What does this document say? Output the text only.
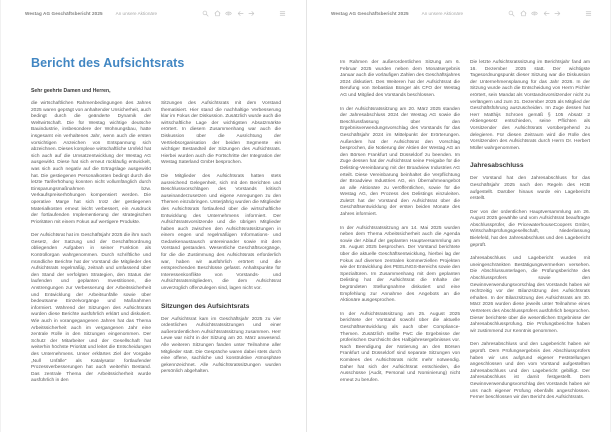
Westag AG Geschäftsbericht 2025	An unsere Aktionäre
Bericht des Aufsichtsrats
Sehr geehrte Damen und Herren,

die wirtschaftlichen Rahmenbedingungen des Jahres 2025 waren geprägt von anhaltender Unsicherheit, auch bedingt durch die geänderte Dynamik der Weltwirtschaft. Die für Westag wichtige deutsche Bauindustrie, insbesondere der Wohnungsbau, hatte insgesamt ein verhaltenes Jahr, wenn auch die ersten vorsichtigen Anzeichen von Entspannung sich abzeichnen. Dieses komplexe wirtschaftliche Umfeld hat sich auch auf die Umsatzentwicklung der Westag AG ausgewirkt. Diese hat sich erneut rückläufig entwickelt, was sich auch negativ auf die Ertragslage ausgewirkt hat. Die gestiegenen Personalkosten bedingt durch die letzte Tariferhöhung konnten nicht vollumfänglich durch Einsparungsmaßnahmen bzw. Verkaufspreiserhöhungen kompensiert werden. Die operative Marge hat sich trotz der gestiegenen Materialkosten erneut leicht verbessert, ein Ausdruck der fortlaufenden Implementierung der strategischen Prioritäten mit einem Fokus auf wertigere Produkte.

Der Aufsichtsrat hat im Geschäftsjahr 2025 die ihm nach Gesetz, der Satzung und der Geschäftsordnung obliegenden Aufgaben in seiner Funktion als Kontrollorgan wahrgenommen. Durch schriftliche und mündliche Berichte hat der Vorstand die Mitglieder des Aufsichtsrats regelmäßig, zeitnah und umfassend über den Stand der verfolgten Strategien, den Status der laufenden und geplanten Investitionen, die Anstrengungen zur Verbesserung der Arbeitssicherheit und Entwicklung der Arbeitsunfälle sowie über bedeutsame Einzelvorgänge und Maßnahmen informiert. Während der Sitzungen des Aufsichtsrats wurden diese Berichte ausführlich erklärt und diskutiert. Wie auch in vorangegangenen Jahren hat das Thema Arbeitssicherheit auch im vergangenen Jahr eine zentrale Rolle in den Sitzungen eingenommen. Der Schutz der Mitarbeiter und der Gesellschaft hat weiterhin höchste Priorität und leitet die Entscheidungen des Unternehmens. Unser erklärtes Ziel der Vorgabe „Null Unfälle“ als Katalysator fortlaufender Prozessverbesserungen hat auch weiterhin Bestand. Das zentrale Thema der Arbeitssicherheit wurde ausführlich in den

Sitzungen des Aufsichtsrats mit dem Vorstand thematisiert. Hier stand die nachhaltige Verbesserung klar im Fokus der Diskussion. Zusätzlich wurde auch die wirtschaftliche Lage der wichtigsten Absatzmärkte erörtert. In diesem Zusammenhang war auch die Diskussion über die Ausrichtung der Vertriebsorganisation der beiden Segmente ein wichtiger Bestandteil der Sitzungen des Aufsichtsrats. Hierbei wurden auch die Fortschritte der Integration der Westag Saterland GmbH besprochen.

Die Mitglieder des Aufsichtsrats hatten stets ausreichend Gelegenheit, sich mit den Berichten und Beschlussvorschlägen des Vorstands kritisch auseinanderzusetzen und eigene Anregungen zu den Themen einzubringen. Unterjährig wurden die Mitglieder des Aufsichtsrats fortlaufend über die wirtschaftliche Entwicklung des Unternehmens informiert. Der Aufsichtsratsvorsitzende und die übrigen Mitglieder haben auch zwischen den Aufsichtsratssitzungen in einem engen und regelmäßigen Informations- und Gedankenaustausch untereinander sowie mit dem Vorstand gestanden. Wesentliche Geschäftsvorgänge, für die die Zustimmung des Aufsichtsrats erforderlich war, haben wir ausführlich erörtert und die entsprechenden Beschlüsse gefasst. Anhaltspunkte für Interessenkonflikte von Vorstands- und Aufsichtsratsmitgliedern, die dem Aufsichtsrat unverzüglich offenzulegen sind, lagen nicht vor.

Sitzungen des Aufsichtsrats

Der Aufsichtsrat kam im Geschäftsjahr 2025 zu vier ordentlichen Aufsichtsratssitzungen und einer außerordentlichen Aufsichtsratssitzung zusammen. Herr Lewe war nicht in der Sitzung am 20. März anwesend. Alle weiteren Sitzungen fanden unter Teilnahme aller Mitglieder statt. Die Gespräche waren dabei stets durch eine offene, sachliche und konstruktive Atmosphäre gekennzeichnet. Alle Aufsichtsratssitzungen wurden persönlich abgehalten.

Westag AG Geschäftsbericht 2025	An unsere Aktionäre

Im Rahmen der außerordentlichen Sitzung am 6. Februar 2025 wurden neben dem Monatsergebnis Januar auch die vorläufigen Zahlen des Geschäftsjahres 2024 diskutiert. Des Weiteren hat der Aufsichtsrat die Berufung von Sebastian Bünger als CFO der Westag AG und Mitglied des Vorstands beschlossen.

In der Aufsichtsratssitzung am 20. März 2025 standen der Jahresabschluss 2024 der Westag AG sowie die Beschlussfassung über den Ergebnisverwendungsvorschlag des Vorstands für das Geschäftsjahr 2024 im Mittelpunkt der Erörterungen. Außerdem hat der Aufsichtsrat den Vorschlag besprochen, die Notierung der Aktien der Westag AG an den Börsen Frankfurt und Düsseldorf zu beenden. Im Zuge dessen hat der Aufsichtsrat seine Freigabe für die Delisting-Vereinbarung mit der Broadview Industries AG erteilt. Diese Vereinbarung beinhaltet die Verpflichtung der Broadview Industries AG, ein Übernahmeangebot an alle Aktionäre zu veröffentlichen, sowie für die Westag AG, den Prozess des Delistings einzuleiten. Zuletzt hat der Vorstand den Aufsichtsrat über die Geschäftsentwicklung der ersten beiden Monate des Jahres informiert.

In der Aufsichtsratssitzung am 14. Mai 2025 wurden neben dem Thema Arbeitssicherheit auch die Agenda sowie der Ablauf der geplanten Hauptversammlung am 26. August 2025 besprochen. Der Vorstand berichtete über die aktuelle Geschäftsentwicklung, hierbei lag der Fokus auf diversen zentralen kommerziellen Projekten wie der Entwicklung des PEELINGS-Bereichs sowie den Spezialtüren. Im Zusammenhang mit dem geplanten Delisting hat der Aufsichtsrat die Inhalte der begründeten Stellungnahme diskutiert und eine Empfehlung zur Annahme des Angebots an die Aktionäre ausgesprochen.

In der Aufsichtsratssitzung am 25. August 2025 berichtete der Vorstand sowohl über die aktuelle Geschäftsentwicklung als auch über Compliance-Themen. Zusätzlich stellte PwC die Ergebnisse der prüferischen Durchsicht des Halbjahresergebnisses vor. Nach Beendigung der Notierung an den Börsen Frankfurt und Düsseldorf sind separate Sitzungen von Komitees des Aufsichtsrats nicht mehr notwendig. Daher hat sich der Aufsichtsrat entschieden, die Ausschüsse (Audit, Personal und Nominierung) nicht erneut zu berufen.

Die letzte Aufsichtsratssitzung im Berichtsjahr fand am 16. Dezember 2025 statt. Der wichtigste Tagesordnungspunkt dieser Sitzung war die Diskussion der Unternehmensplanung für das Jahr 2026. In der Sitzung wurde auch die Entscheidung von Herrn Pichler erörtert, sein Mandat als Vorstandsvorsitzender nicht zu verlängern und zum 31. Dezember 2025 als Mitglied der Geschäftsführung auszuscheiden. Im Zuge dessen hat Herr Matthijs Schroen gemäß § 105 Absatz 2 Aktiengesetz entschieden, seine Pflichten als Vorsitzender des Aufsichtsrats vorübergehend zu delegieren. Für diesen Zeitraum wird die Rolle des Vorsitzenden des Aufsichtsrats durch Herrn Dr. Herbert Müller wahrgenommen.

Jahresabschluss

Der Vorstand hat den Jahresabschluss für das Geschäftsjahr 2025 nach den Regeln des HGB aufgestellt. Darüber hinaus wurde ein Lagebericht erstellt.

Der von der ordentlichen Hauptversammlung am 26. August 2025 gewählte und vom Aufsichtsrat beauftragte Abschlussprüfer, die PricewaterhouseCoopers GmbH, Wirtschaftsprüfungsgesellschaft, Niederlassung Bielefeld, hat den Jahresabschluss und den Lagebericht geprüft.

Jahresabschluss und Lagebericht wurden mit uneingeschränkten Bestätigungsvermerken versehen. Die Abschlussunterlagen, die Prüfungsberichte des Abschlussprüfers sowie den Gewinnverwendungsvorschlag des Vorstands haben wir rechtzeitig vor der Bilanzsitzung des Aufsichtsrats erhalten. In der Bilanzsitzung des Aufsichtsrats am 30. März 2026 wurden diese jeweils unter Teilnahme eines Vertreters des Abschlussprüfers ausführlich besprochen. Dieser berichtete über die wesentlichen Ergebnisse der Jahresabschlussprüfung. Die Prüfungsberichte haben wir zustimmend zur Kenntnis genommen.

Den Jahresabschluss und den Lagebericht haben wir geprüft. Dem Prüfungsergebnis des Abschlussprüfers haben wir uns aufgrund eigener Feststellungen angeschlossen und den vom Vorstand aufgestellten Jahresabschluss und den Lagebericht gebilligt. Der Jahresabschluss ist damit festgestellt. Dem Gewinnverwendungsvorschlag des Vorstands haben wir uns nach eigener Prüfung ebenfalls angeschlossen. Ferner beschlossen wir den Bericht des Aufsichtsrats.
